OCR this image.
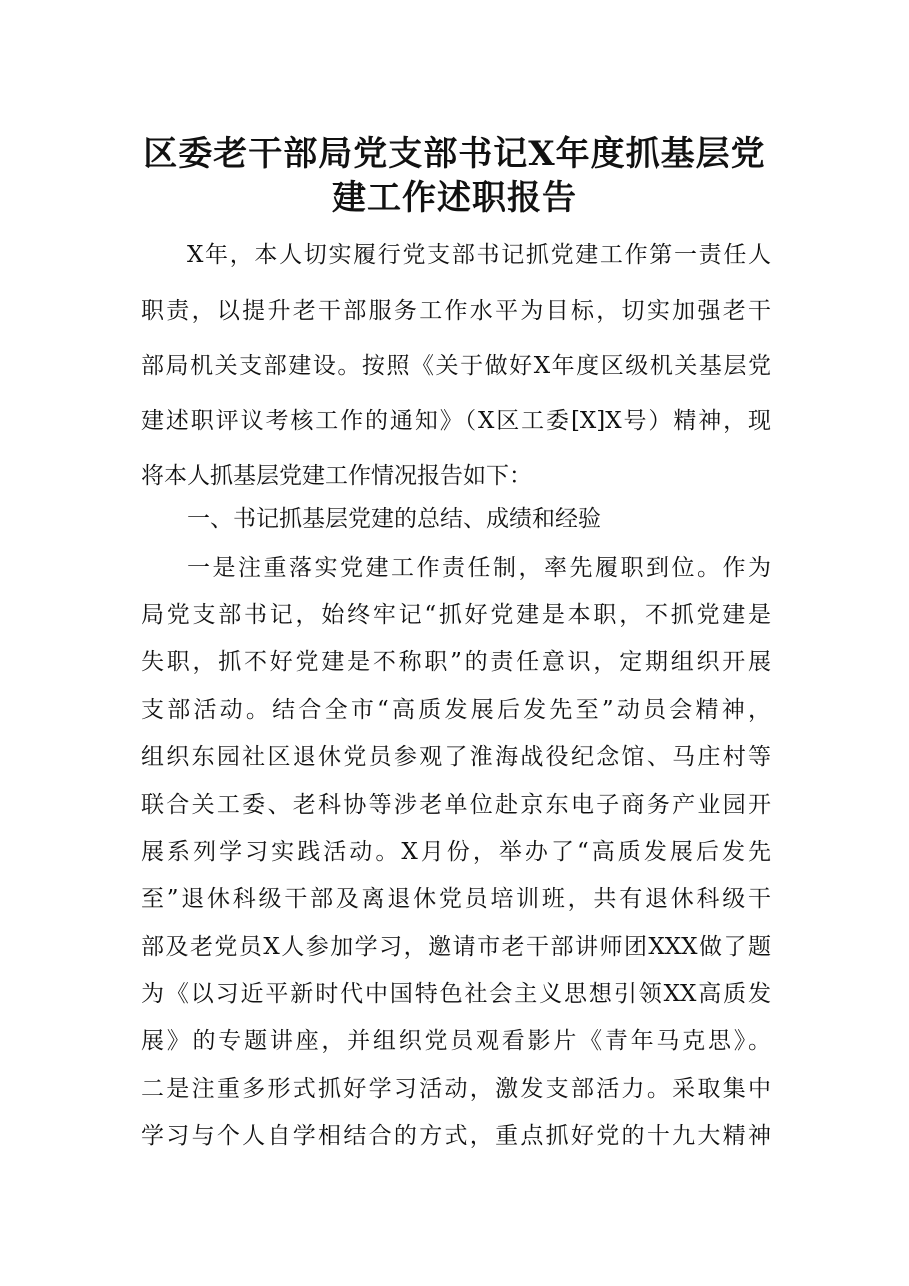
区委老干部局党支部书记X年度抓基层党
建工作述职报告
X年，本人切实履行党支部书记抓党建工作第一责任人
职责，以提升老干部服务工作水平为目标，切实加强老干
部局机关支部建设。按照《关于做好X年度区级机关基层党
建述职评议考核工作的通知》（X区工委[X]X号）精神，现
将本人抓基层党建工作情况报告如下：
一、书记抓基层党建的总结、成绩和经验
一是注重落实党建工作责任制，率先履职到位。作为
局党支部书记，始终牢记“抓好党建是本职，不抓党建是
失职，抓不好党建是不称职”的责任意识，定期组织开展
支部活动。结合全市“高质发展后发先至”动员会精神，
组织东园社区退休党员参观了淮海战役纪念馆、马庄村等
联合关工委、老科协等涉老单位赴京东电子商务产业园开
展系列学习实践活动。X月份，举办了“高质发展后发先
至”退休科级干部及离退休党员培训班，共有退休科级干
部及老党员X人参加学习，邀请市老干部讲师团XXX做了题
为《以习近平新时代中国特色社会主义思想引领XX高质发
展》的专题讲座，并组织党员观看影片《青年马克思》。
二是注重多形式抓好学习活动，激发支部活力。采取集中
学习与个人自学相结合的方式，重点抓好党的十九大精神
